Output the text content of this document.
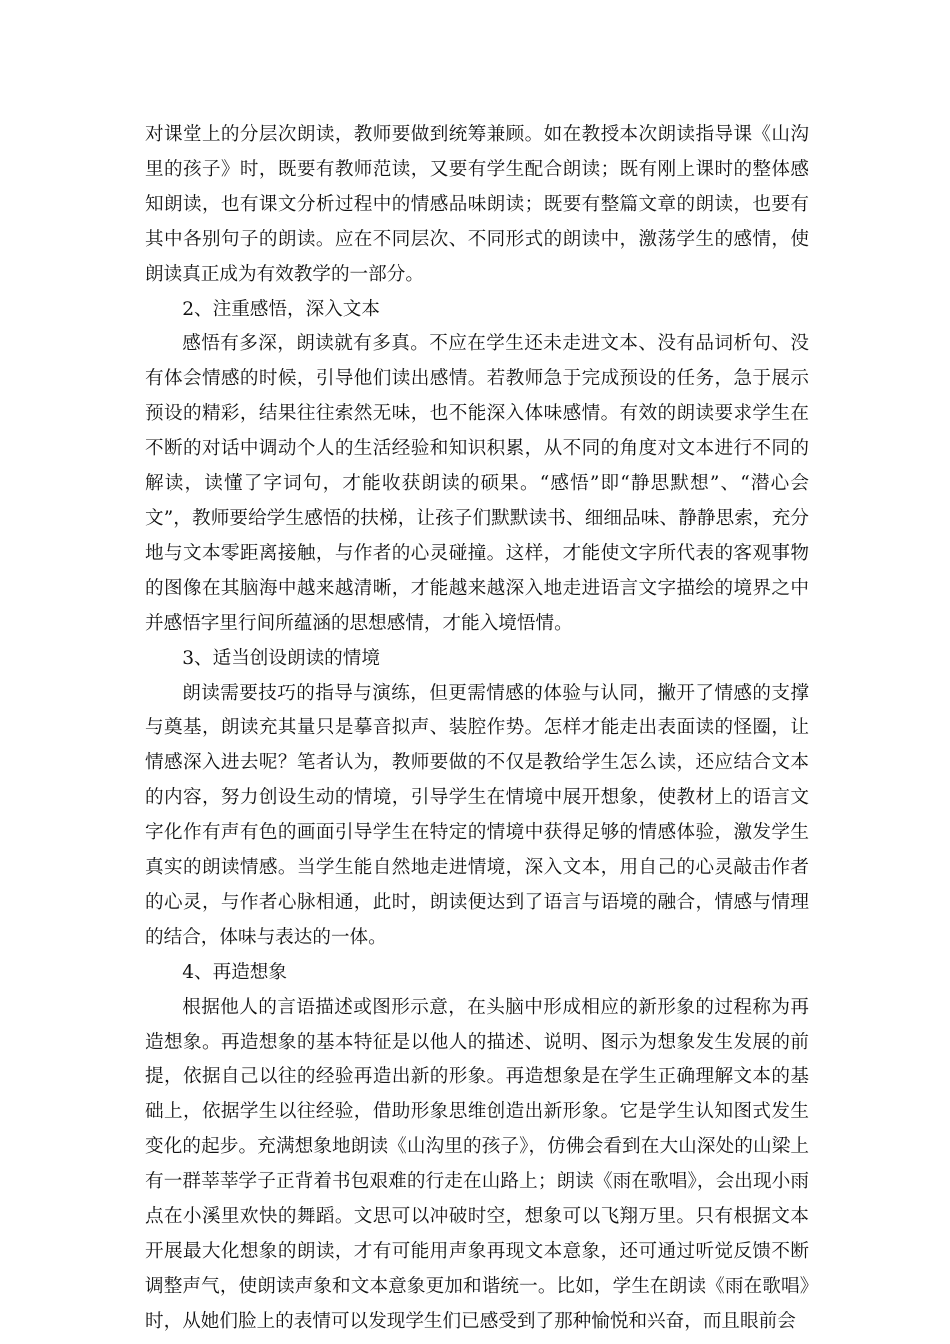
对课堂上的分层次朗读，教师要做到统筹兼顾。如在教授本次朗读指导课《山沟里的孩子》时，既要有教师范读，又要有学生配合朗读；既有刚上课时的整体感知朗读，也有课文分析过程中的情感品味朗读；既要有整篇文章的朗读，也要有其中各别句子的朗读。应在不同层次、不同形式的朗读中，激荡学生的感情，使朗读真正成为有效教学的一部分。

2、注重感悟，深入文本

感悟有多深，朗读就有多真。不应在学生还未走进文本、没有品词析句、没有体会情感的时候，引导他们读出感情。若教师急于完成预设的任务，急于展示预设的精彩，结果往往索然无味，也不能深入体味感情。有效的朗读要求学生在不断的对话中调动个人的生活经验和知识积累，从不同的角度对文本进行不同的解读，读懂了字词句，才能收获朗读的硕果。“感悟”即“静思默想”、“潜心会文”，教师要给学生感悟的扶梯，让孩子们默默读书、细细品味、静静思索，充分地与文本零距离接触，与作者的心灵碰撞。这样，才能使文字所代表的客观事物的图像在其脑海中越来越清晰，才能越来越深入地走进语言文字描绘的境界之中并感悟字里行间所蕴涵的思想感情，才能入境悟情。

3、适当创设朗读的情境

朗读需要技巧的指导与演练，但更需情感的体验与认同，撇开了情感的支撑与奠基，朗读充其量只是摹音拟声、装腔作势。怎样才能走出表面读的怪圈，让情感深入进去呢？笔者认为，教师要做的不仅是教给学生怎么读，还应结合文本的内容，努力创设生动的情境，引导学生在情境中展开想象，使教材上的语言文字化作有声有色的画面引导学生在特定的情境中获得足够的情感体验，激发学生真实的朗读情感。当学生能自然地走进情境，深入文本，用自己的心灵敲击作者的心灵，与作者心脉相通，此时，朗读便达到了语言与语境的融合，情感与情理的结合，体味与表达的一体。

4、再造想象

根据他人的言语描述或图形示意，在头脑中形成相应的新形象的过程称为再造想象。再造想象的基本特征是以他人的描述、说明、图示为想象发生发展的前提，依据自己以往的经验再造出新的形象。再造想象是在学生正确理解文本的基础上，依据学生以往经验，借助形象思维创造出新形象。它是学生认知图式发生变化的起步。充满想象地朗读《山沟里的孩子》，仿佛会看到在大山深处的山梁上有一群莘莘学子正背着书包艰难的行走在山路上；朗读《雨在歌唱》，会出现小雨点在小溪里欢快的舞蹈。文思可以冲破时空，想象可以飞翔万里。只有根据文本开展最大化想象的朗读，才有可能用声象再现文本意象，还可通过听觉反馈不断调整声气，使朗读声象和文本意象更加和谐统一。比如，学生在朗读《雨在歌唱》时，从她们脸上的表情可以发现学生们已感受到了那种愉悦和兴奋，而且眼前会
